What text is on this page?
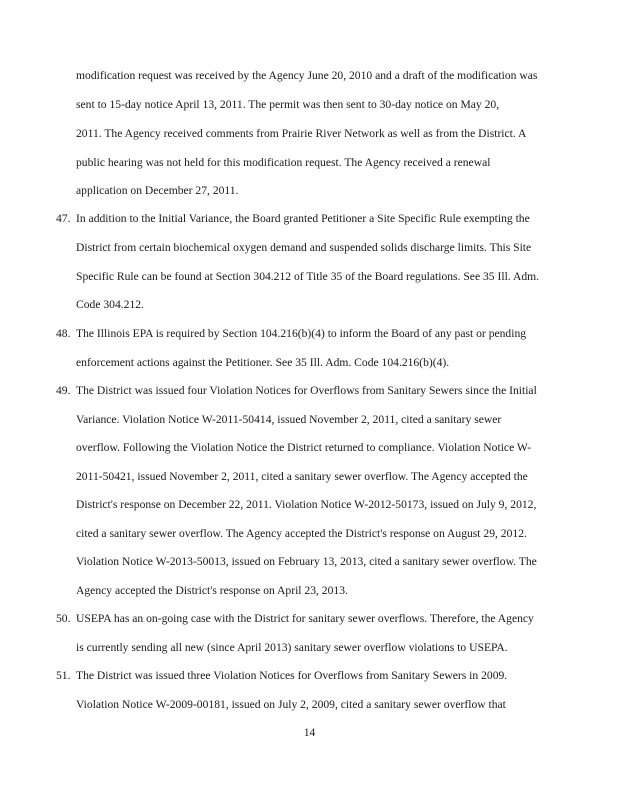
modification request was received by the Agency June 20, 2010 and a draft of the modification was
sent to 15-day notice April 13, 2011. The permit was then sent to 30-day notice on May 20,
2011. The Agency received comments from Prairie River Network as well as from the District. A
public hearing was not held for this modification request. The Agency received a renewal
application on December 27, 2011.
47. In addition to the Initial Variance, the Board granted Petitioner a Site Specific Rule exempting the
District from certain biochemical oxygen demand and suspended solids discharge limits. This Site
Specific Rule can be found at Section 304.212 of Title 35 of the Board regulations. See 35 Ill. Adm.
Code 304.212.
48. The Illinois EPA is required by Section 104.216(b)(4) to inform the Board of any past or pending
enforcement actions against the Petitioner. See 35 Ill. Adm. Code 104.216(b)(4).
49. The District was issued four Violation Notices for Overflows from Sanitary Sewers since the Initial
Variance. Violation Notice W-2011-50414, issued November 2, 2011, cited a sanitary sewer
overflow. Following the Violation Notice the District returned to compliance. Violation Notice W-
2011-50421, issued November 2, 2011, cited a sanitary sewer overflow. The Agency accepted the
District's response on December 22, 2011. Violation Notice W-2012-50173, issued on July 9, 2012,
cited a sanitary sewer overflow. The Agency accepted the District's response on August 29, 2012.
Violation Notice W-2013-50013, issued on February 13, 2013, cited a sanitary sewer overflow. The
Agency accepted the District's response on April 23, 2013.
50. USEPA has an on-going case with the District for sanitary sewer overflows. Therefore, the Agency
is currently sending all new (since April 2013) sanitary sewer overflow violations to USEPA.
51. The District was issued three Violation Notices for Overflows from Sanitary Sewers in 2009.
Violation Notice W-2009-00181, issued on July 2, 2009, cited a sanitary sewer overflow that
14
